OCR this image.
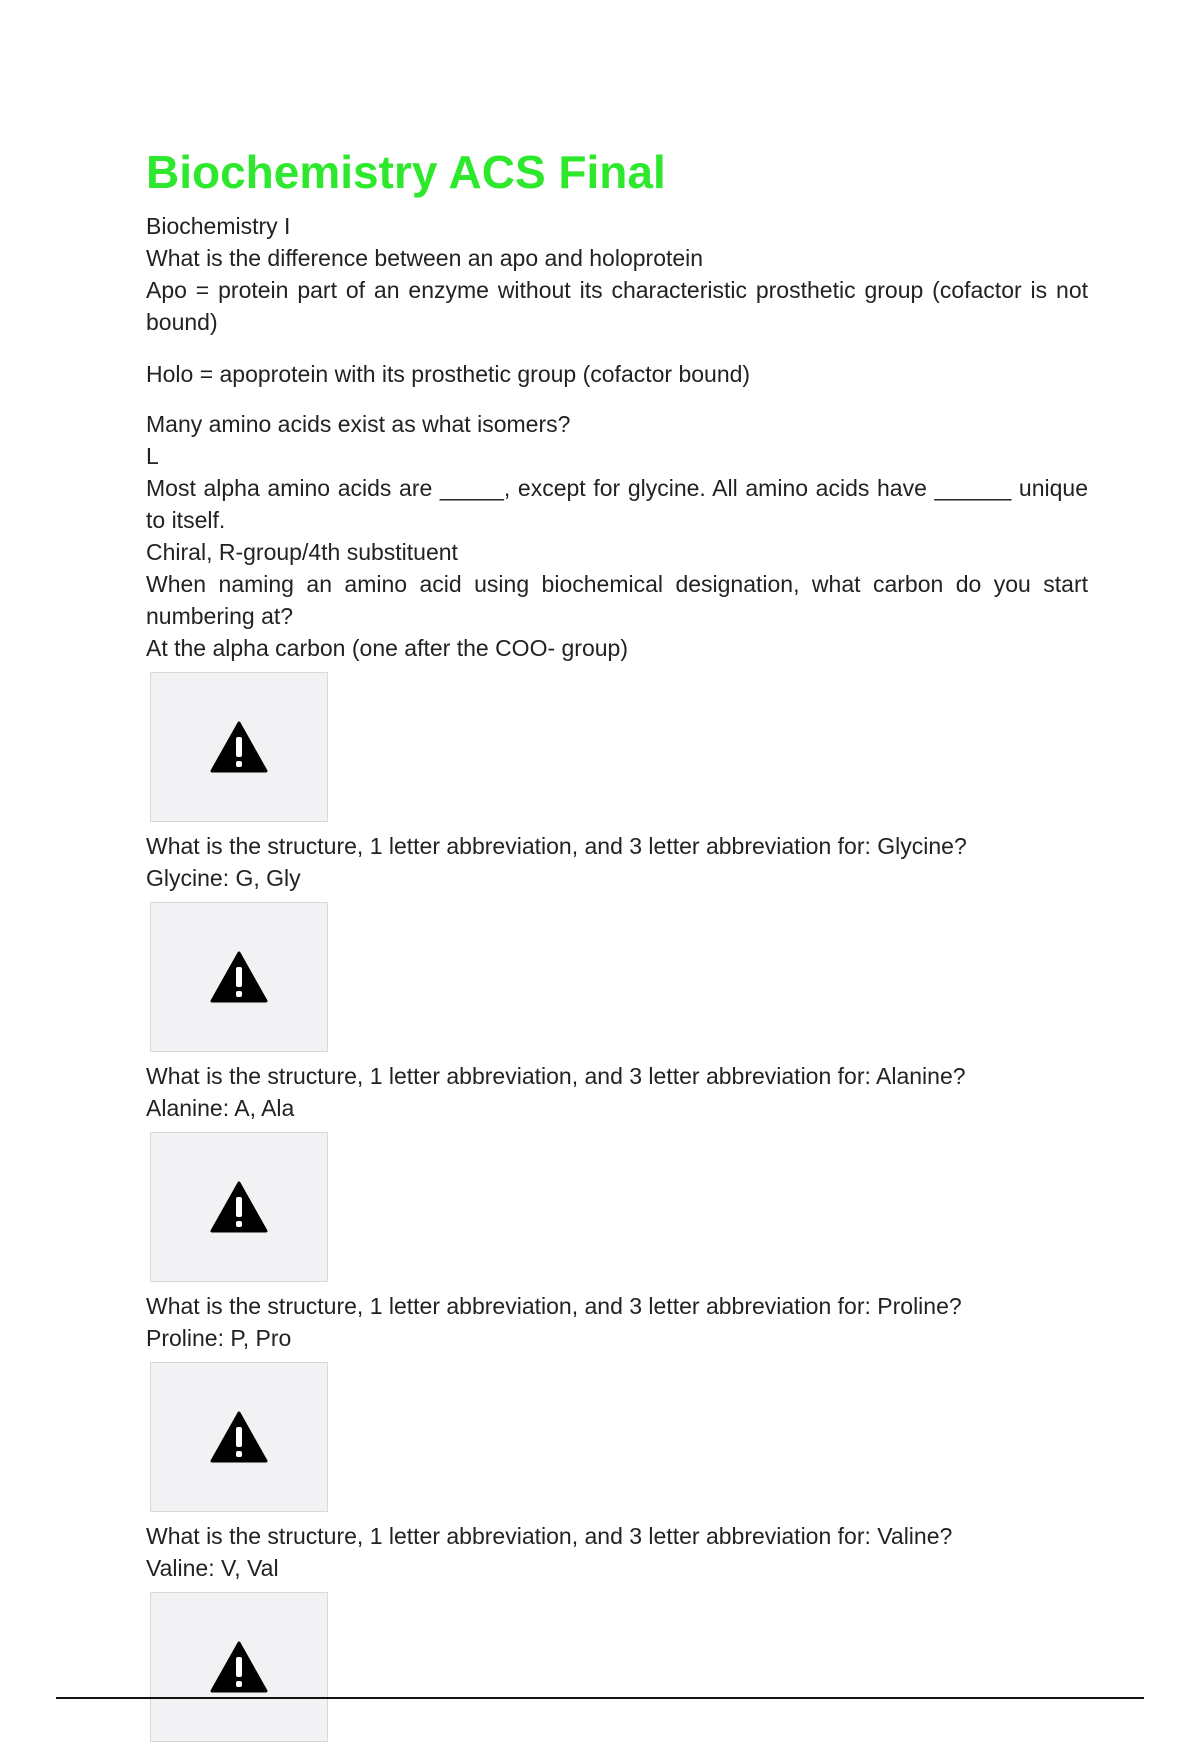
Biochemistry ACS Final

Biochemistry I

What is the difference between an apo and holoprotein

Apo = protein part of an enzyme without its characteristic prosthetic group (cofactor is not bound)

Holo = apoprotein with its prosthetic group (cofactor bound)

Many amino acids exist as what isomers?

L

Most alpha amino acids are _____, except for glycine. All amino acids have ______ unique to itself.

Chiral, R-group/4th substituent

When naming an amino acid using biochemical designation, what carbon do you start numbering at?

At the alpha carbon (one after the COO- group)

What is the structure, 1 letter abbreviation, and 3 letter abbreviation for: Glycine?

Glycine: G, Gly

What is the structure, 1 letter abbreviation, and 3 letter abbreviation for: Alanine?

Alanine: A, Ala

What is the structure, 1 letter abbreviation, and 3 letter abbreviation for: Proline?

Proline: P, Pro

What is the structure, 1 letter abbreviation, and 3 letter abbreviation for: Valine?

Valine: V, Val
